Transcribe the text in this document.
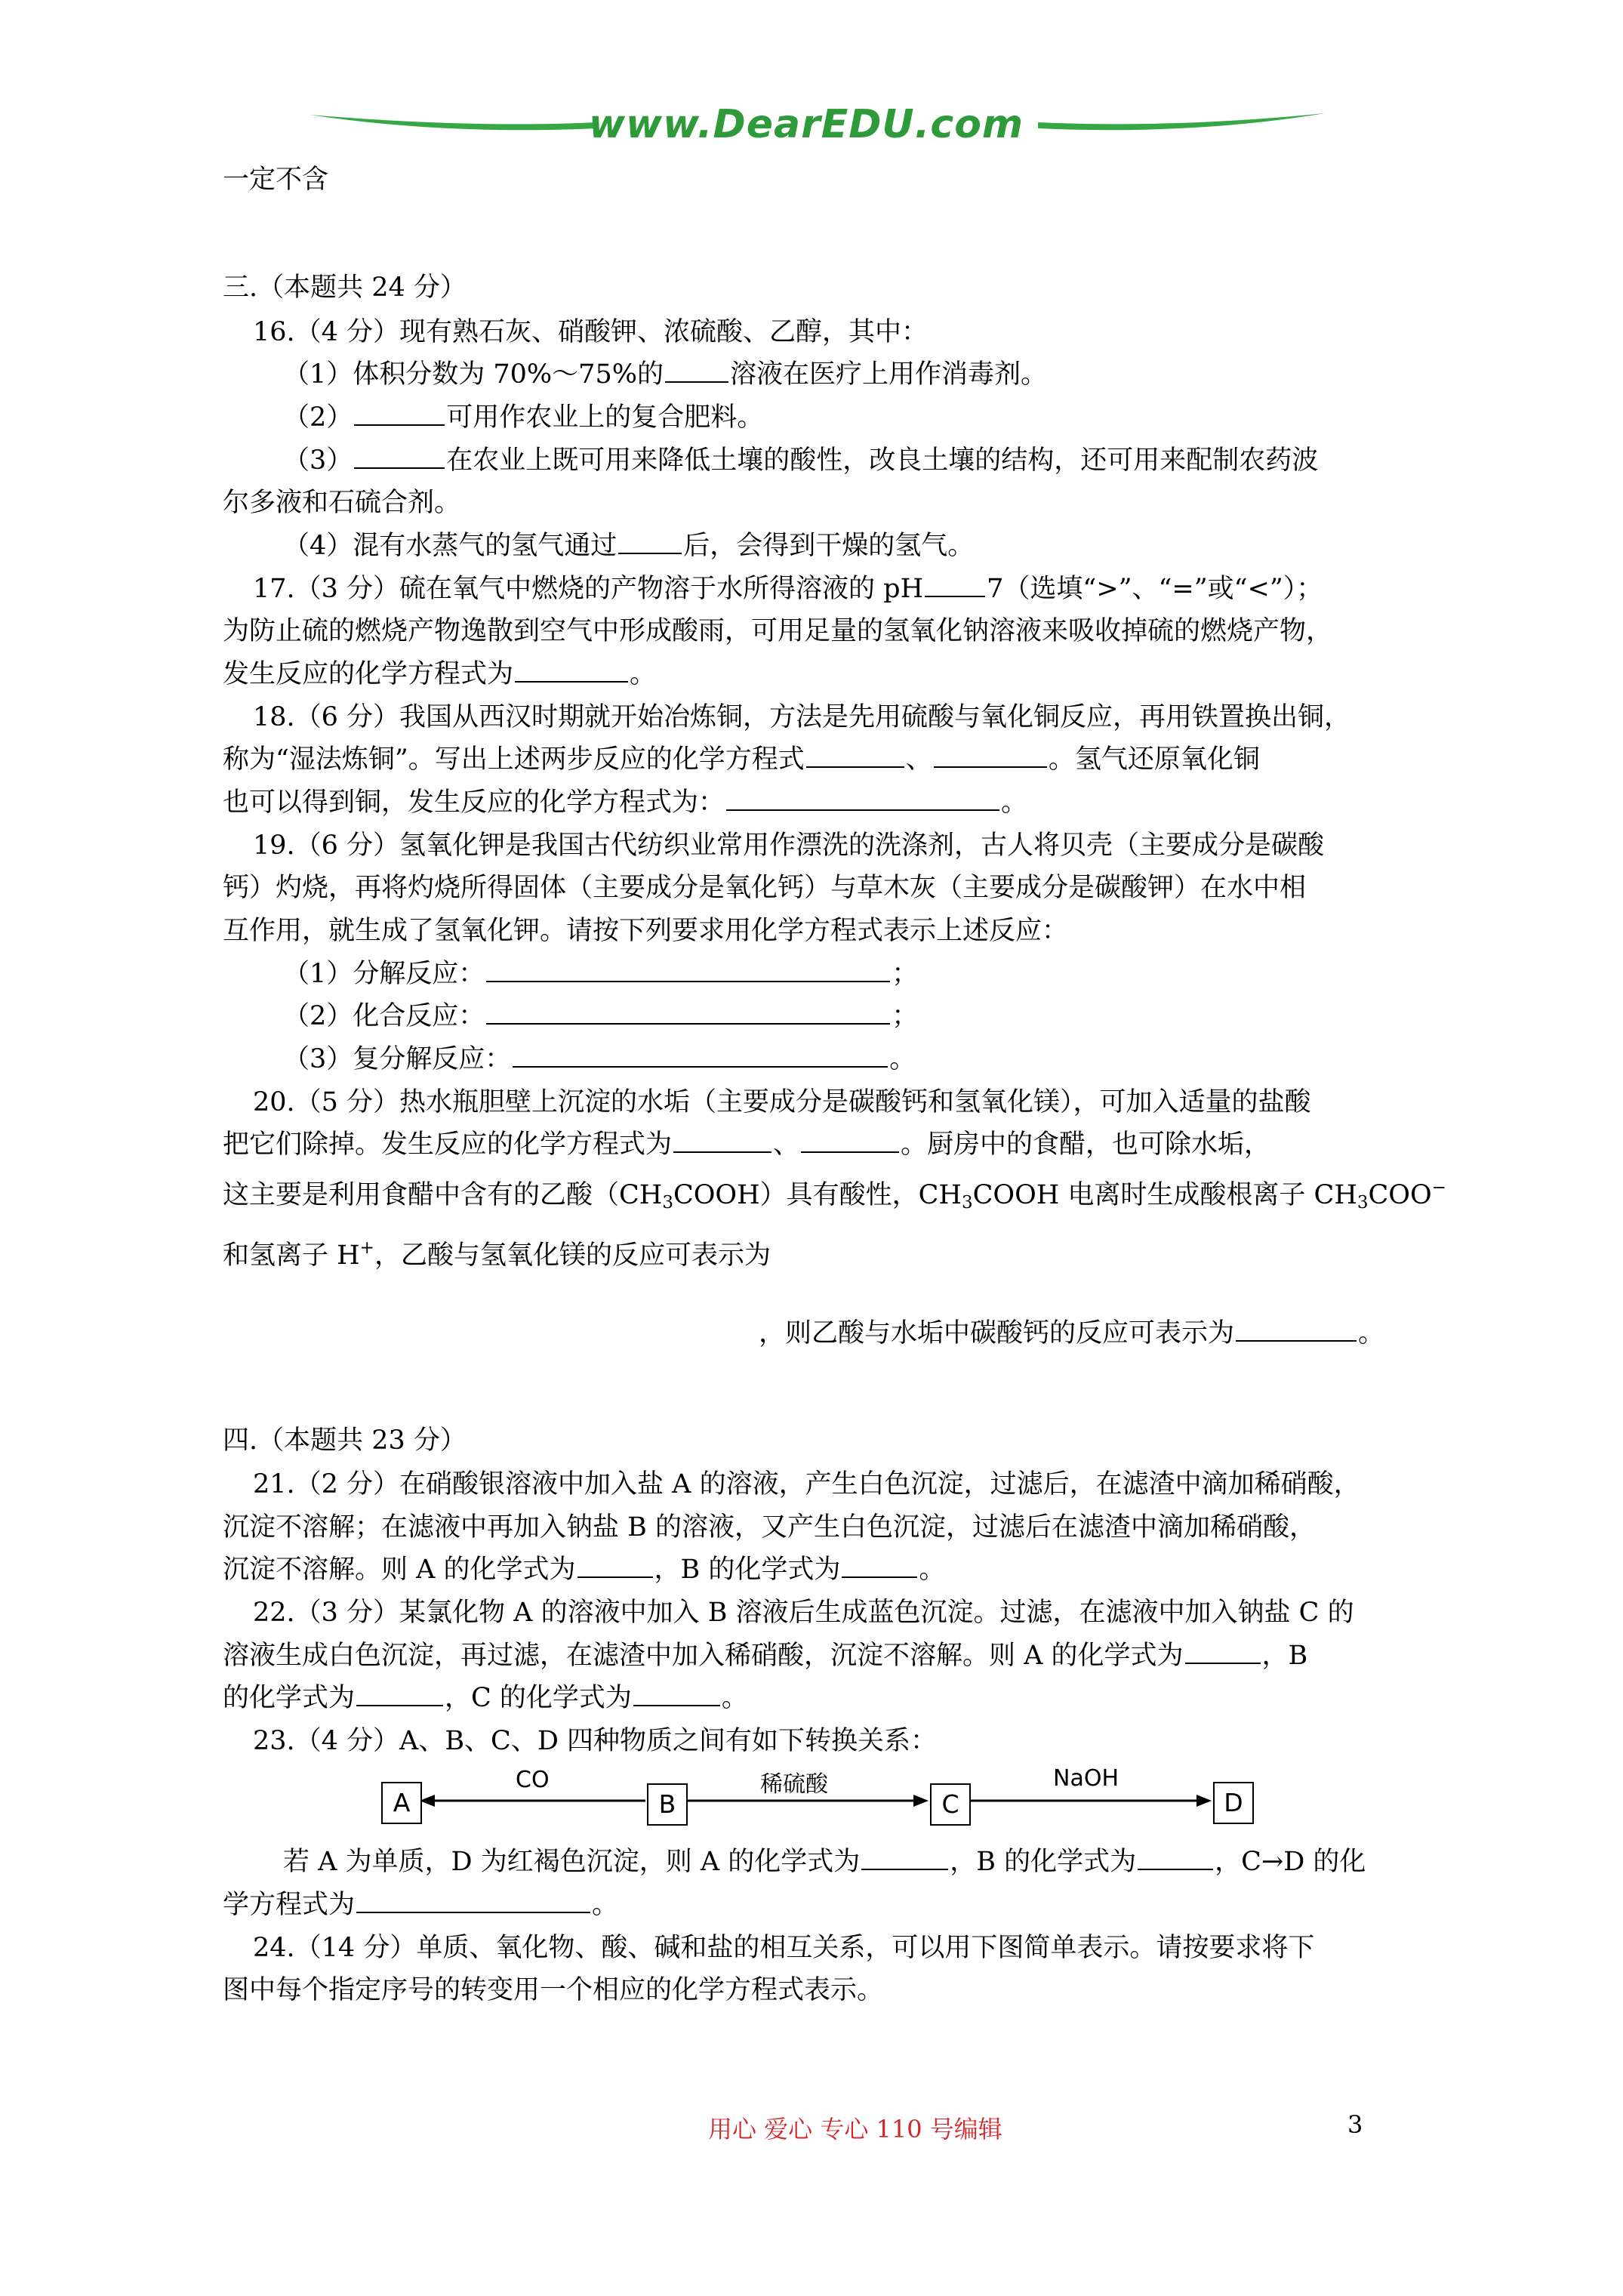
www.DearEDU.com
一定不含
三.（本题共 24 分）
16.（4 分）现有熟石灰、硝酸钾、浓硫酸、乙醇，其中：
（1）体积分数为 70%～75%的	溶液在医疗上用作消毒剂。
（2）	可用作农业上的复合肥料。
（3）	在农业上既可用来降低土壤的酸性，改良土壤的结构，还可用来配制农药波
尔多液和石硫合剂。
（4）混有水蒸气的氢气通过	后，会得到干燥的氢气。
17.（3 分）硫在氧气中燃烧的产物溶于水所得溶液的 pH 7（选填“>”、“=”或“<”）；
为防止硫的燃烧产物逸散到空气中形成酸雨，可用足量的氢氧化钠溶液来吸收掉硫的燃烧产物，
发生反应的化学方程式为	。
18.（6 分）我国从西汉时期就开始冶炼铜，方法是先用硫酸与氧化铜反应，再用铁置换出铜，
称为“湿法炼铜”。写出上述两步反应的化学方程式	、	。氢气还原氧化铜
也可以得到铜，发生反应的化学方程式为：	。
19.（6 分）氢氧化钾是我国古代纺织业常用作漂洗的洗涤剂，古人将贝壳（主要成分是碳酸
钙）灼烧，再将灼烧所得固体（主要成分是氧化钙）与草木灰（主要成分是碳酸钾）在水中相
互作用，就生成了氢氧化钾。请按下列要求用化学方程式表示上述反应：
（1）分解反应：	；
（2）化合反应：	；
（3）复分解反应：	。
20.（5 分）热水瓶胆壁上沉淀的水垢（主要成分是碳酸钙和氢氧化镁），可加入适量的盐酸
把它们除掉。发生反应的化学方程式为	、	。厨房中的食醋，也可除水垢，
这主要是利用食醋中含有的乙酸$(CH_3COOH)$具有酸性，$CH_3COOH$ 电离时生成酸根离子 $CH_3COO^-$
和氢离子 H+，乙酸与氢氧化镁的反应可表示为
，则乙酸与水垢中碳酸钙的反应可表示为	。
四.（本题共 23 分）
21.（2 分）在硝酸银溶液中加入盐 A 的溶液，产生白色沉淀，过滤后，在滤渣中滴加稀硝酸，
沉淀不溶解；在滤液中再加入钠盐 B 的溶液，又产生白色沉淀，过滤后在滤渣中滴加稀硝酸，
沉淀不溶解。则 A 的化学式为	，B 的化学式为	。
22.（3 分）某氯化物 A 的溶液中加入 B 溶液后生成蓝色沉淀。过滤，在滤液中加入钠盐 C 的
溶液生成白色沉淀，再过滤，在滤渣中加入稀硝酸，沉淀不溶解。则 A 的化学式为	，B
的化学式为	，C 的化学式为	。
23.（4 分）A、B、C、D 四种物质之间有如下转换关系：
A	B	C	D
CO	稀硫酸	NaOH
若 A 为单质，D 为红褐色沉淀，则 A 的化学式为	，B 的化学式为	，C→D 的化
学方程式为	。
24.（14 分）单质、氧化物、酸、碱和盐的相互关系，可以用下图简单表示。请按要求将下
图中每个指定序号的转变用一个相应的化学方程式表示。
用心 爱心 专心 110 号编辑	3
